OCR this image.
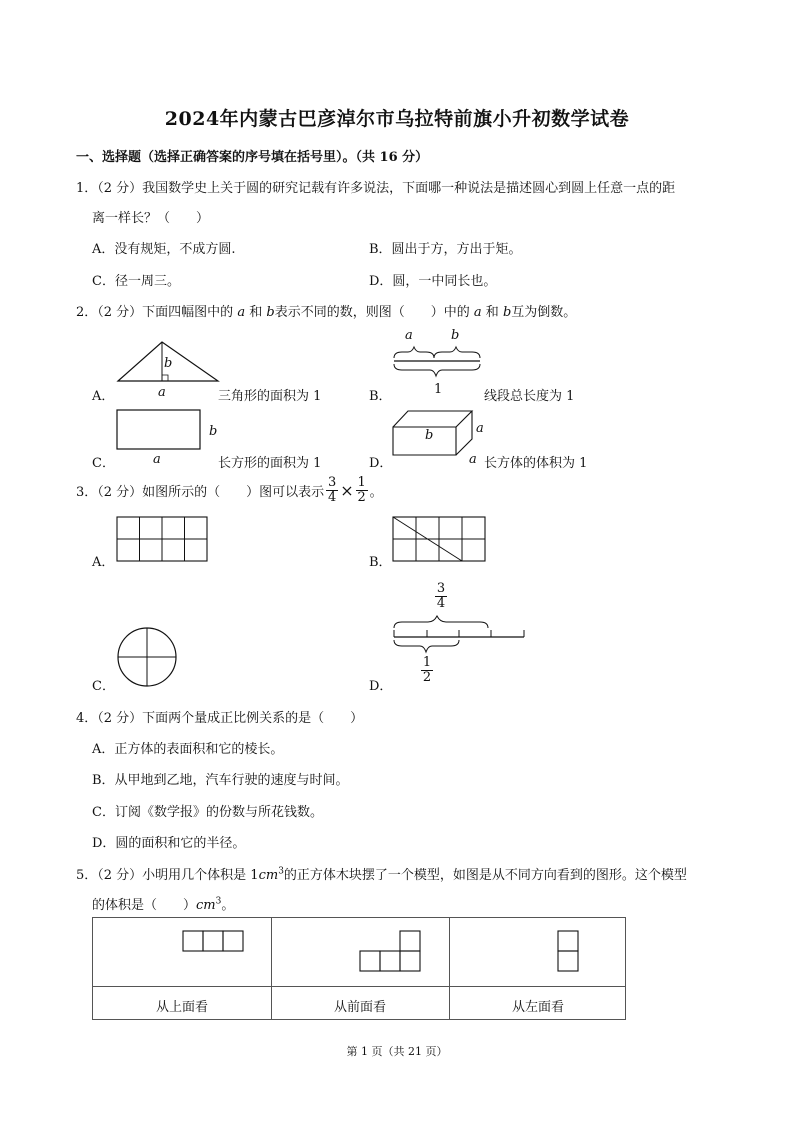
2024年内蒙古巴彦淖尔市乌拉特前旗小升初数学试卷
一、选择题（选择正确答案的序号填在括号里）。（共 16 分）
1．（2 分）我国数学史上关于圆的研究记载有许多说法，下面哪一种说法是描述圆心到圆上任意一点的距
离一样长？（　　）
A．没有规矩，不成方圆.	B．圆出于方，方出于矩。
C．径一周三。	D．圆，一中同长也。
2．（2 分）下面四幅图中的 a 和 b表示不同的数，则图（　　）中的 a 和 b互为倒数。
A．
b
a	三角形的面积为 1	B．
a	b
1	线段总长度为 1
C．
b
a	长方形的面积为 1	D．
b	a
a 长方体的体积为 1
3．（2 分）如图所示的（　　）图可以表示 $\frac{3}{4} \times \frac{1}{2}$ 。
A．	B．
C．	D．
$\frac{3}{4}$
$\frac{1}{2}$
4．（2 分）下面两个量成正比例关系的是（　　）
A．正方体的表面积和它的棱长。
B．从甲地到乙地，汽车行驶的速度与时间。
C．订阅《数学报》的份数与所花钱数。
D．圆的面积和它的半径。
5．（2 分）小明用几个体积是 $1cm^3$的正方体木块摆了一个模型，如图是从不同方向看到的图形。这个模型
的体积是（　　）$cm^3$。
从上面看	从前面看	从左面看
第 1 页（共 21 页）
